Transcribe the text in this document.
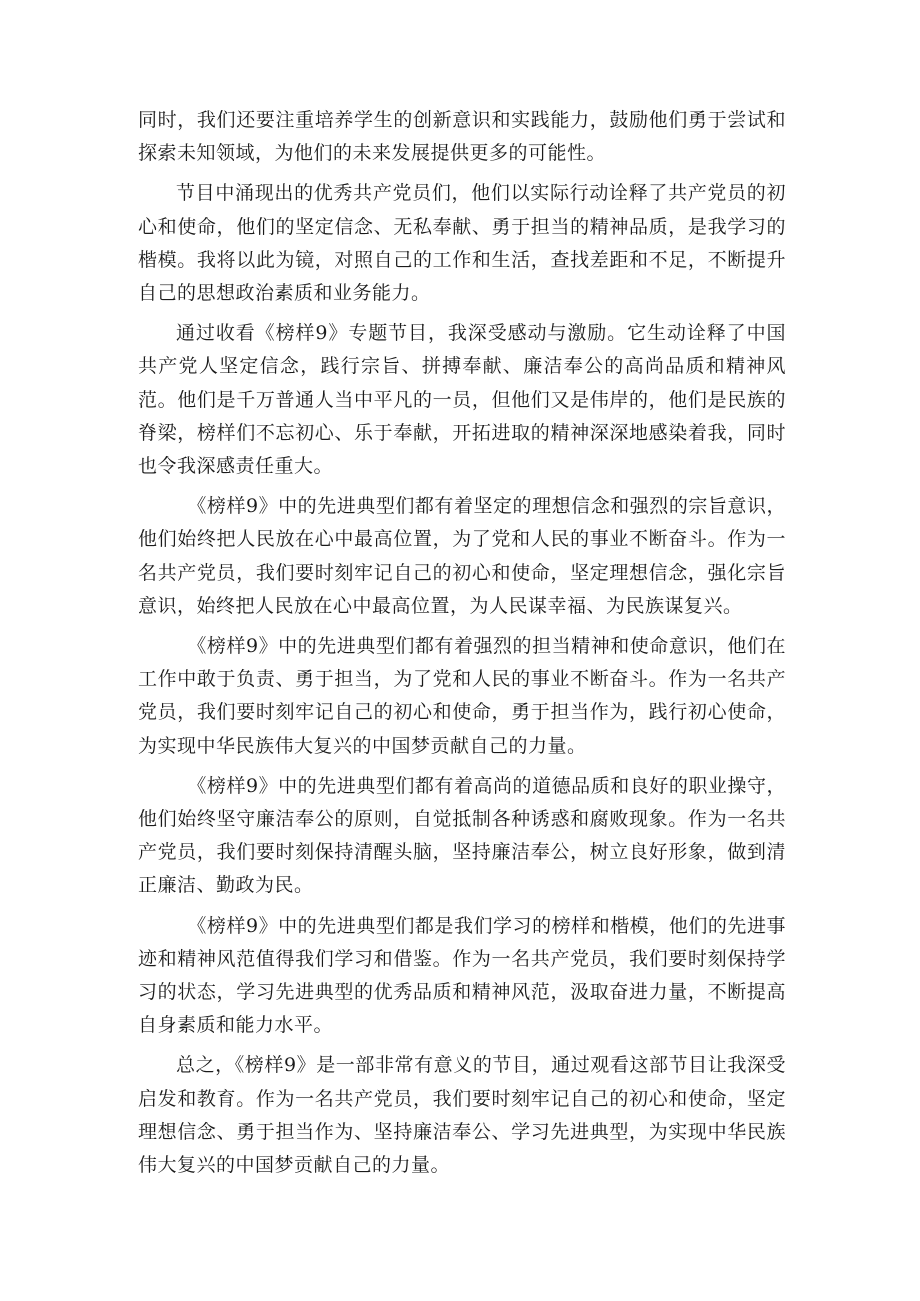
同时，我们还要注重培养学生的创新意识和实践能力，鼓励他们勇于尝试和探索未知领域，为他们的未来发展提供更多的可能性。

节目中涌现出的优秀共产党员们，他们以实际行动诠释了共产党员的初心和使命，他们的坚定信念、无私奉献、勇于担当的精神品质，是我学习的楷模。我将以此为镜，对照自己的工作和生活，查找差距和不足，不断提升自己的思想政治素质和业务能力。

通过收看《榜样9》专题节目，我深受感动与激励。它生动诠释了中国共产党人坚定信念，践行宗旨、拼搏奉献、廉洁奉公的高尚品质和精神风范。他们是千万普通人当中平凡的一员，但他们又是伟岸的，他们是民族的脊梁，榜样们不忘初心、乐于奉献，开拓进取的精神深深地感染着我，同时也令我深感责任重大。

《榜样9》中的先进典型们都有着坚定的理想信念和强烈的宗旨意识，他们始终把人民放在心中最高位置，为了党和人民的事业不断奋斗。作为一名共产党员，我们要时刻牢记自己的初心和使命，坚定理想信念，强化宗旨意识，始终把人民放在心中最高位置，为人民谋幸福、为民族谋复兴。

《榜样9》中的先进典型们都有着强烈的担当精神和使命意识，他们在工作中敢于负责、勇于担当，为了党和人民的事业不断奋斗。作为一名共产党员，我们要时刻牢记自己的初心和使命，勇于担当作为，践行初心使命，为实现中华民族伟大复兴的中国梦贡献自己的力量。

《榜样9》中的先进典型们都有着高尚的道德品质和良好的职业操守，他们始终坚守廉洁奉公的原则，自觉抵制各种诱惑和腐败现象。作为一名共产党员，我们要时刻保持清醒头脑，坚持廉洁奉公，树立良好形象，做到清正廉洁、勤政为民。

《榜样9》中的先进典型们都是我们学习的榜样和楷模，他们的先进事迹和精神风范值得我们学习和借鉴。作为一名共产党员，我们要时刻保持学习的状态，学习先进典型的优秀品质和精神风范，汲取奋进力量，不断提高自身素质和能力水平。

总之，《榜样9》是一部非常有意义的节目，通过观看这部节目让我深受启发和教育。作为一名共产党员，我们要时刻牢记自己的初心和使命，坚定理想信念、勇于担当作为、坚持廉洁奉公、学习先进典型，为实现中华民族伟大复兴的中国梦贡献自己的力量。
